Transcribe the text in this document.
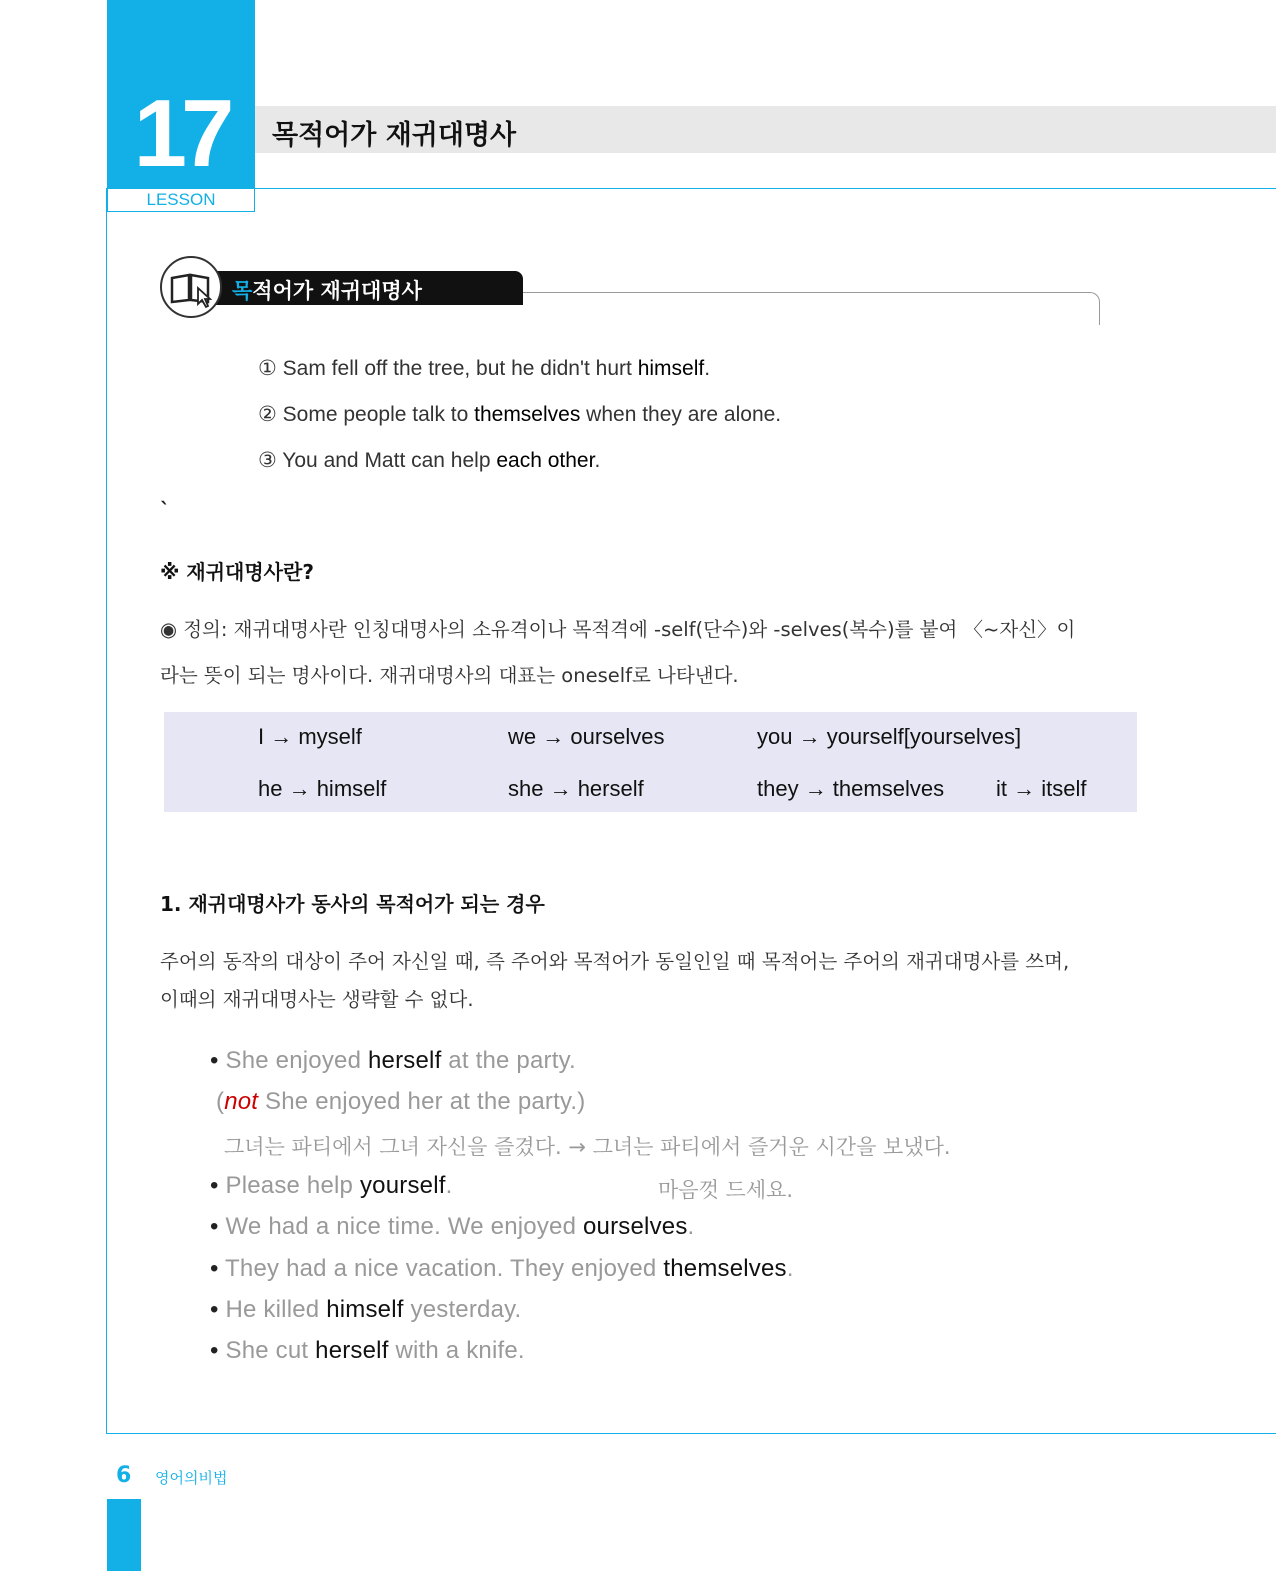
17
LESSON
목적어가 재귀대명사
목적어가 재귀대명사
① Sam fell off the tree, but he didn't hurt himself.
② Some people talk to themselves when they are alone.
③ You and Matt can help each other.
`
※ 재귀대명사란?
◉ 정의: 재귀대명사란 인칭대명사의 소유격이나 목적격에 -self(단수)와 -selves(복수)를 붙여 〈~자신〉이
라는 뜻이 되는 명사이다. 재귀대명사의 대표는 oneself로 나타낸다.
I → myself	we → ourselves	you → yourself[yourselves]
he → himself	she → herself	they → themselves it → itself
1. 재귀대명사가 동사의 목적어가 되는 경우
주어의 동작의 대상이 주어 자신일 때, 즉 주어와 목적어가 동일인일 때 목적어는 주어의 재귀대명사를 쓰며,
이때의 재귀대명사는 생략할 수 없다.
• She enjoyed herself at the party.
(not She enjoyed her at the party.)
그녀는 파티에서 그녀 자신을 즐겼다. → 그녀는 파티에서 즐거운 시간을 보냈다.
• Please help yourself.	마음껏 드세요.
• We had a nice time. We enjoyed ourselves.
• They had a nice vacation. They enjoyed themselves.
• He killed himself yesterday.
• She cut herself with a knife.
6 영어의비법
